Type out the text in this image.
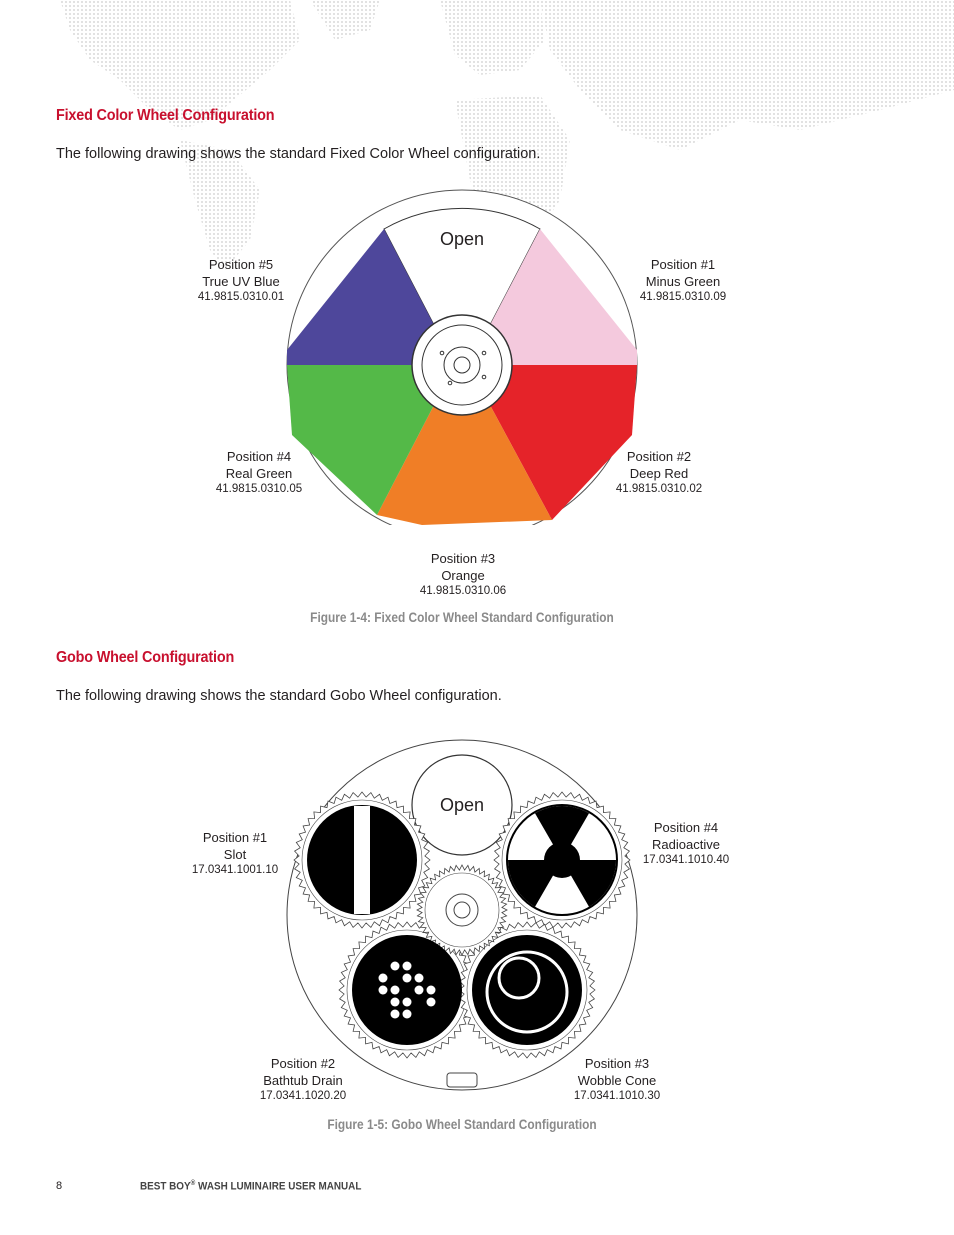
Fixed Color Wheel Configuration
The following drawing shows the standard Fixed Color Wheel configuration.
Open
Position #5
True UV Blue
41.9815.0310.01
Position #1
Minus Green
41.9815.0310.09
Position #4
Real Green
41.9815.0310.05
Position #2
Deep Red
41.9815.0310.02
Position #3
Orange
41.9815.0310.06
Figure 1-4: Fixed Color Wheel Standard Configuration
Gobo Wheel Configuration
The following drawing shows the standard Gobo Wheel configuration.
Open
Position #1
Slot
17.0341.1001.10
Position #4
Radioactive
17.0341.1010.40
Position #2
Bathtub Drain
17.0341.1020.20
Position #3
Wobble Cone
17.0341.1010.30
Figure 1-5: Gobo Wheel Standard Configuration
8	BEST BOY® WASH LUMINAIRE USER MANUAL
